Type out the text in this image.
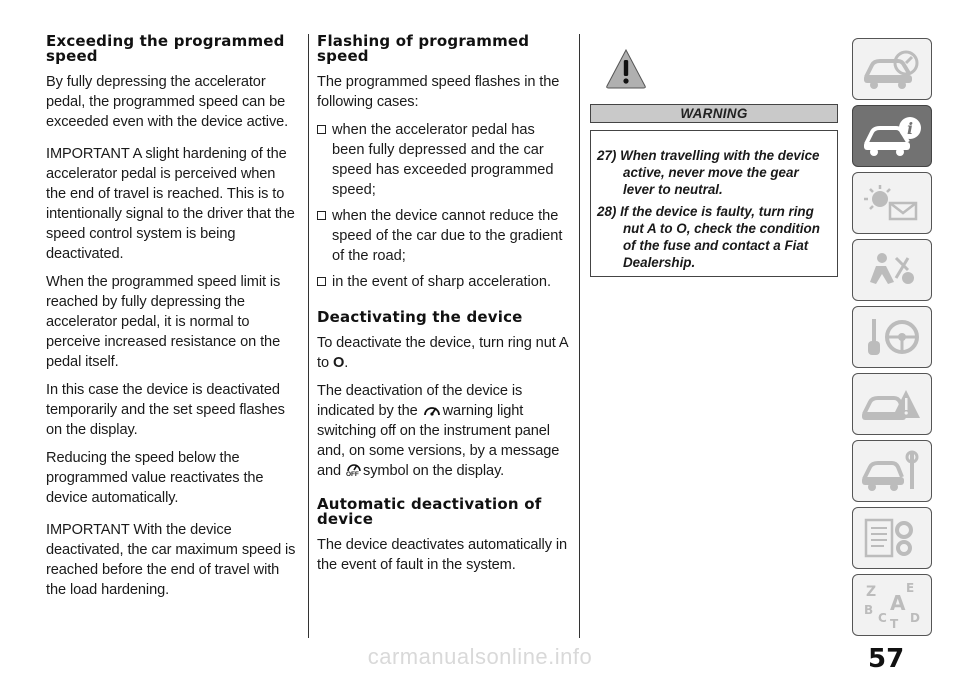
Exceeding the programmed speed

By fully depressing the accelerator pedal, the programmed speed can be exceeded even with the device active.

IMPORTANT A slight hardening of the accelerator pedal is perceived when the end of travel is reached. This is to intentionally signal to the driver that the speed control system is being deactivated.

When the programmed speed limit is reached by fully depressing the accelerator pedal, it is normal to perceive increased resistance on the pedal itself.

In this case the device is deactivated temporarily and the set speed flashes on the display.

Reducing the speed below the programmed value reactivates the device automatically.

IMPORTANT With the device deactivated, the car maximum speed is reached before the end of travel with the load hardening.

Flashing of programmed speed

The programmed speed flashes in the following cases:

when the accelerator pedal has been fully depressed and the car speed has exceeded programmed speed;
when the device cannot reduce the speed of the car due to the gradient of the road;
in the event of sharp acceleration.
Deactivating the device

To deactivate the device, turn ring nut A to O.

The deactivation of the device is indicated by the warning light switching off on the instrument panel and, on some versions, by a message and OFF symbol on the display.

Automatic deactivation of device

The device deactivates automatically in the event of fault in the system.

WARNING
27) When travelling with the device active, never move the gear lever to neutral.
28) If the device is faulty, turn ring nut A to O, check the condition of the fuse and contact a Fiat Dealership.
i
Z E
A
B
C D
T
carmanualsonline.info	57
